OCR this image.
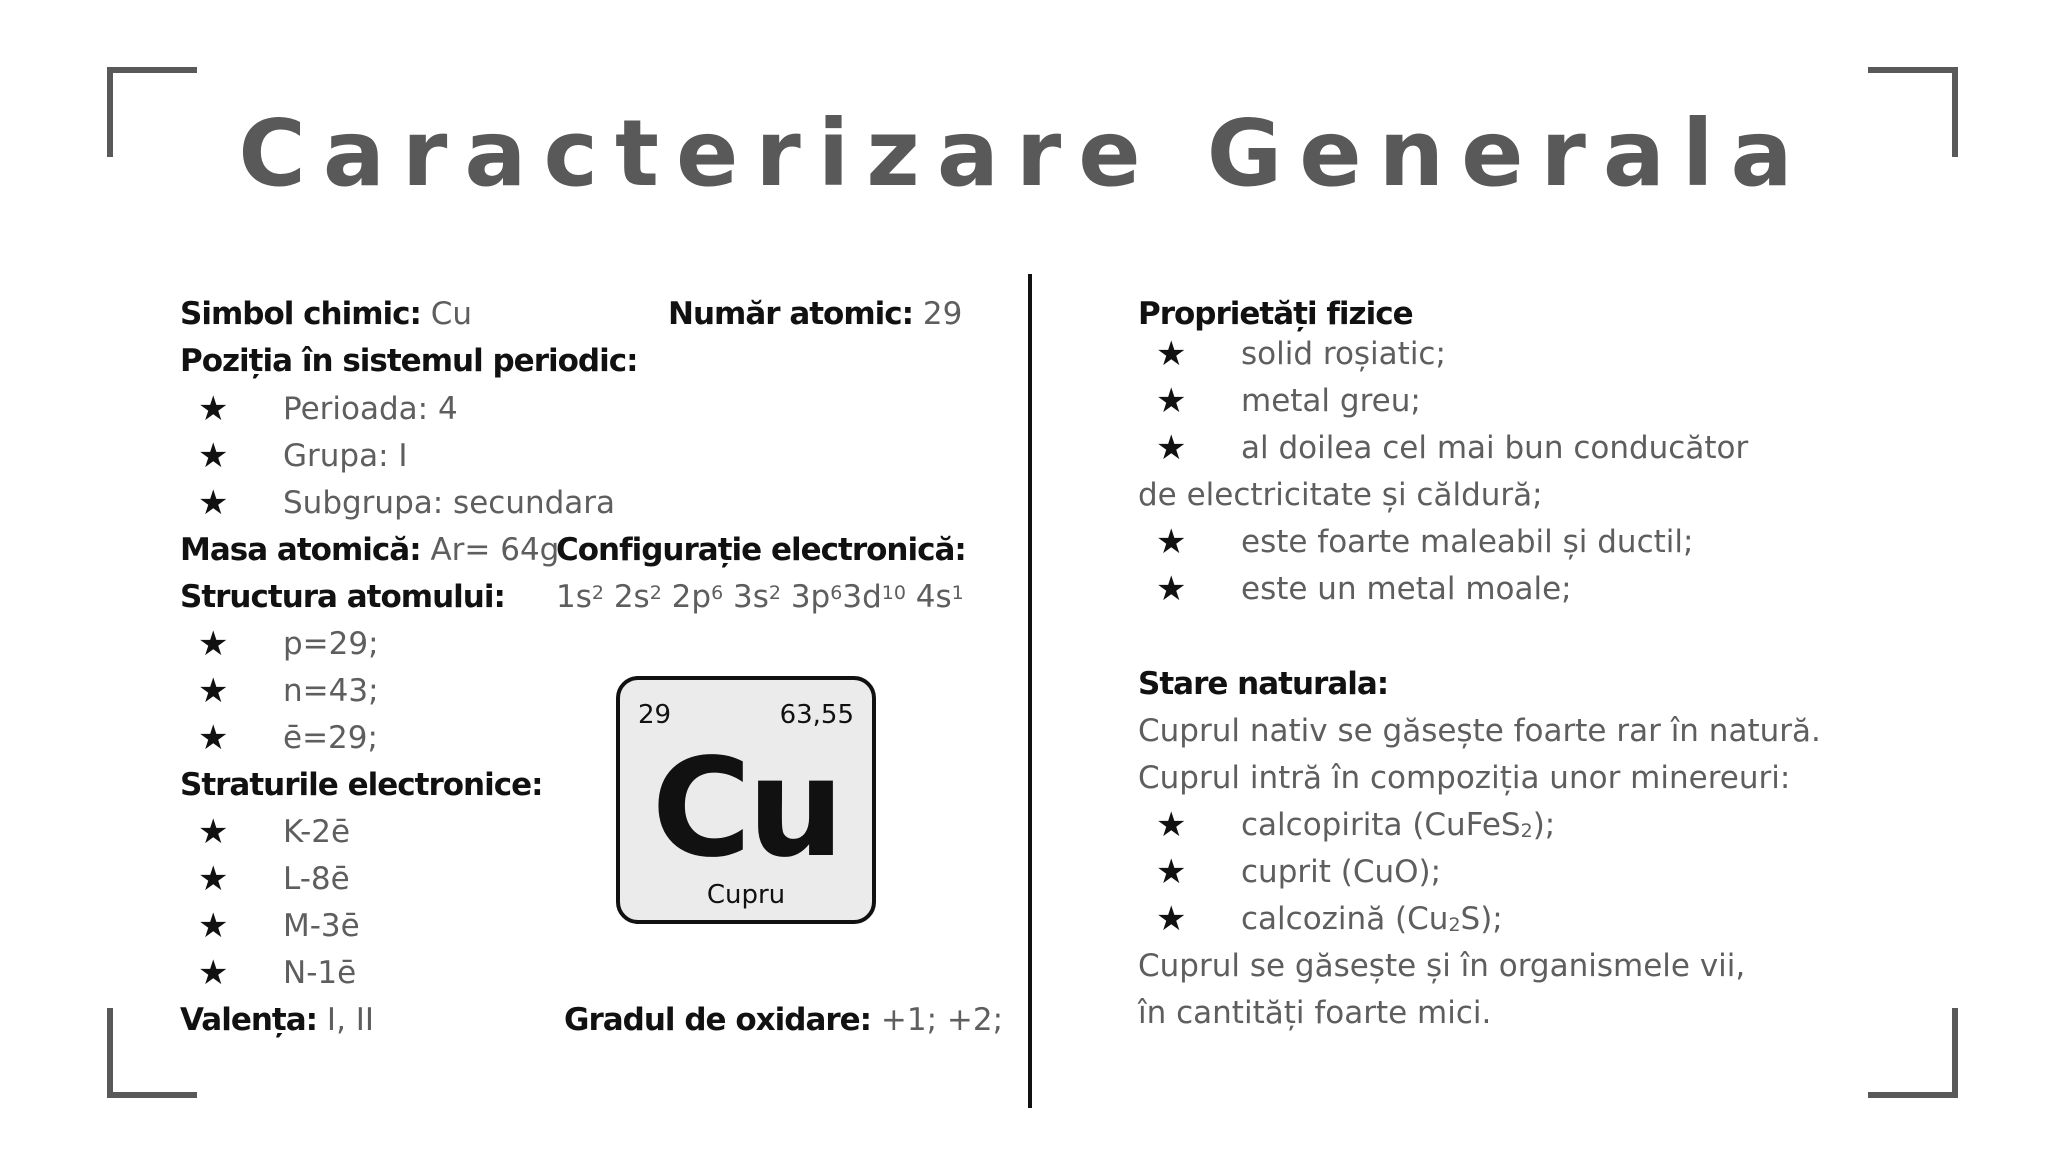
Caracterizare Generala
Simbol chimic: Cu	Număr atomic: 29
Poziția în sistemul periodic:
★ Perioada: 4
★ Grupa: I
★ Subgrupa: secundara
Masa atomică: Ar= 64g
Configurație electronică:
Structura atomului: $1s^2$ $2s^2$ $2p^6$ $3s^2$ $3p^63d^{10}$ $4s^1$
★ p=29;
★ n=43;
★ ē=29;
Straturile electronice:
★ K-2ē
★ L-8ē
★ M-3ē
★ N-1ē
Valența: I, II	Gradul de oxidare: +1; +2;
29	63,55
Cu
Cupru
Proprietăți fizice
★ solid roșiatic;
★ metal greu;
★ al doilea cel mai bun conducător
de electricitate și căldură;
★ este foarte maleabil și ductil;
★ este un metal moale;
Stare naturala:
Cuprul nativ se găsește foarte rar în natură.
Cuprul intră în compoziția unor minereuri:
★ calcopirita (CuFeS$_2$);
★ cuprit (CuO);
★ calcozină $(Cu_2S)$;
Cuprul se găsește și în organismele vii,
în cantități foarte mici.
